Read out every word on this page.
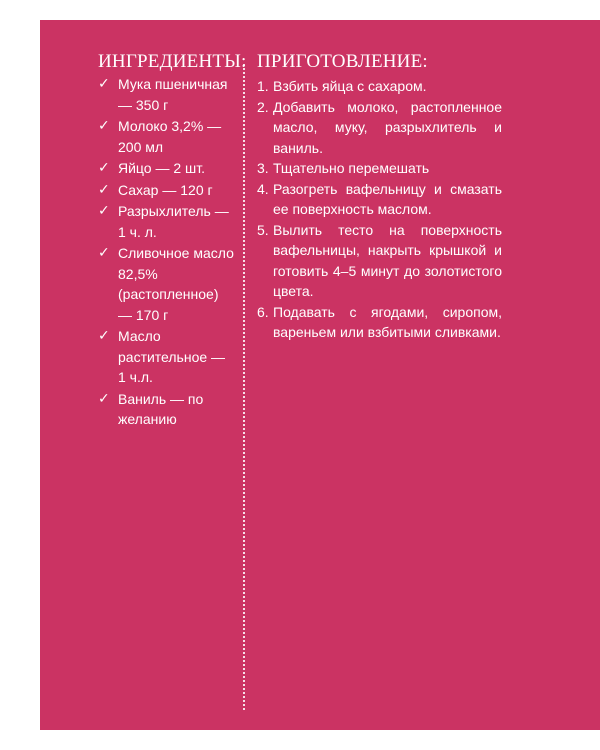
ИНГРЕДИЕНТЫ: ПРИГОТОВЛЕНИЕ:
✓ Мука пшеничная — 350 г
✓ Молоко 3,2% — 200 мл
✓ Яйцо — 2 шт.
✓ Сахар — 120 г
✓ Разрыхлитель — 1 ч. л.
✓ Сливочное масло 82,5% (растопленное) — 170 г
✓ Масло растительное — 1 ч.л.
✓ Ваниль — по желанию
1. Взбить яйца с сахаром.
2. Добавить молоко, растопленное масло, муку, разрыхлитель и ваниль.
3. Тщательно перемешать
4. Разогреть вафельницу и смазать ее поверхность маслом.
5. Вылить тесто на поверхность вафельницы, накрыть крышкой и готовить 4–5 минут до золотистого цвета.
6. Подавать с ягодами, сиропом, вареньем или взбитыми сливками.
